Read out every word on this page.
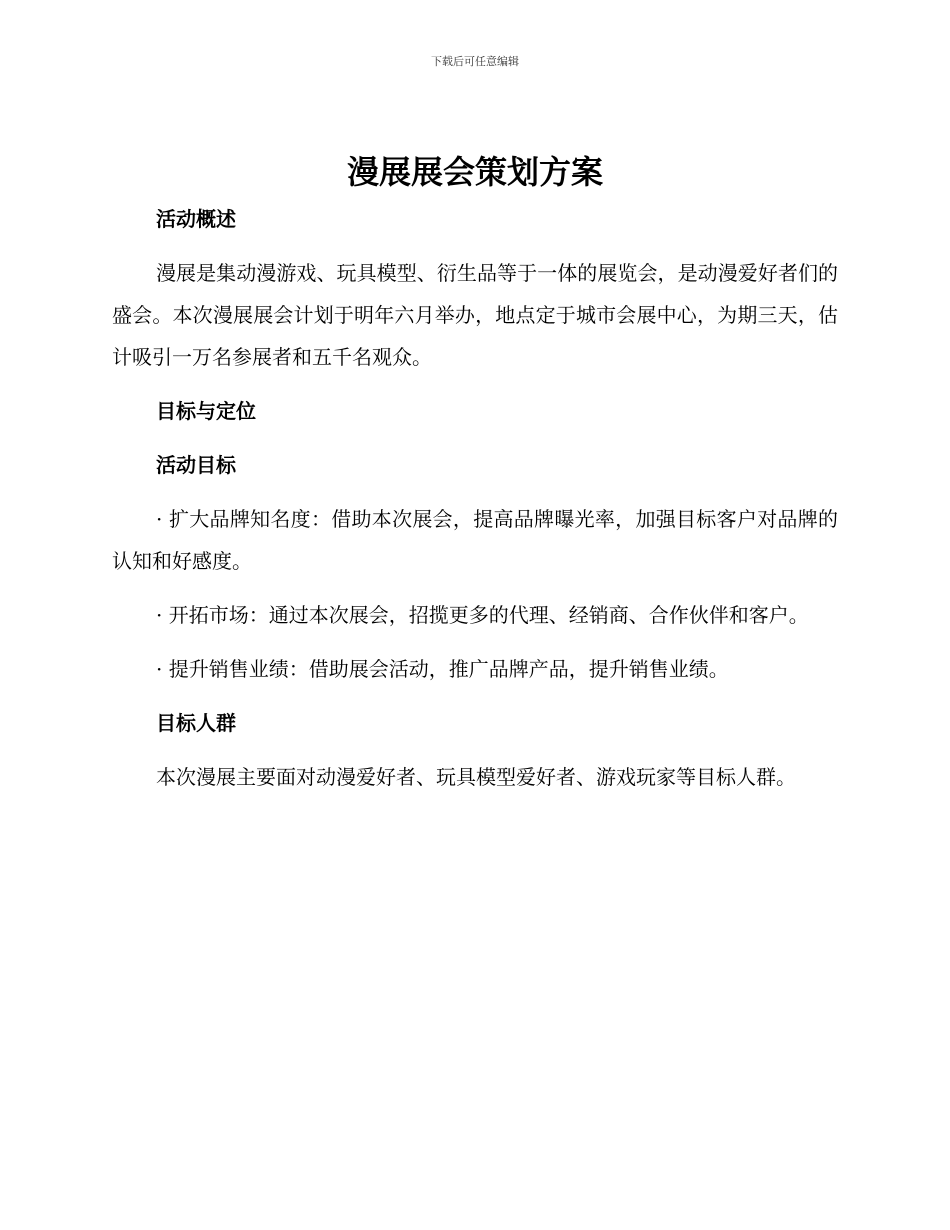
下载后可任意编辑
漫展展会策划方案
活动概述

漫展是集动漫游戏、玩具模型、衍生品等于一体的展览会，是动漫爱好者们的盛会。本次漫展展会计划于明年六月举办，地点定于城市会展中心，为期三天，估计吸引一万名参展者和五千名观众。

目标与定位
活动目标

· 扩大品牌知名度：借助本次展会，提高品牌曝光率，加强目标客户对品牌的认知和好感度。

· 开拓市场：通过本次展会，招揽更多的代理、经销商、合作伙伴和客户。

· 提升销售业绩：借助展会活动，推广品牌产品，提升销售业绩。

目标人群

本次漫展主要面对动漫爱好者、玩具模型爱好者、游戏玩家等目标人群。
